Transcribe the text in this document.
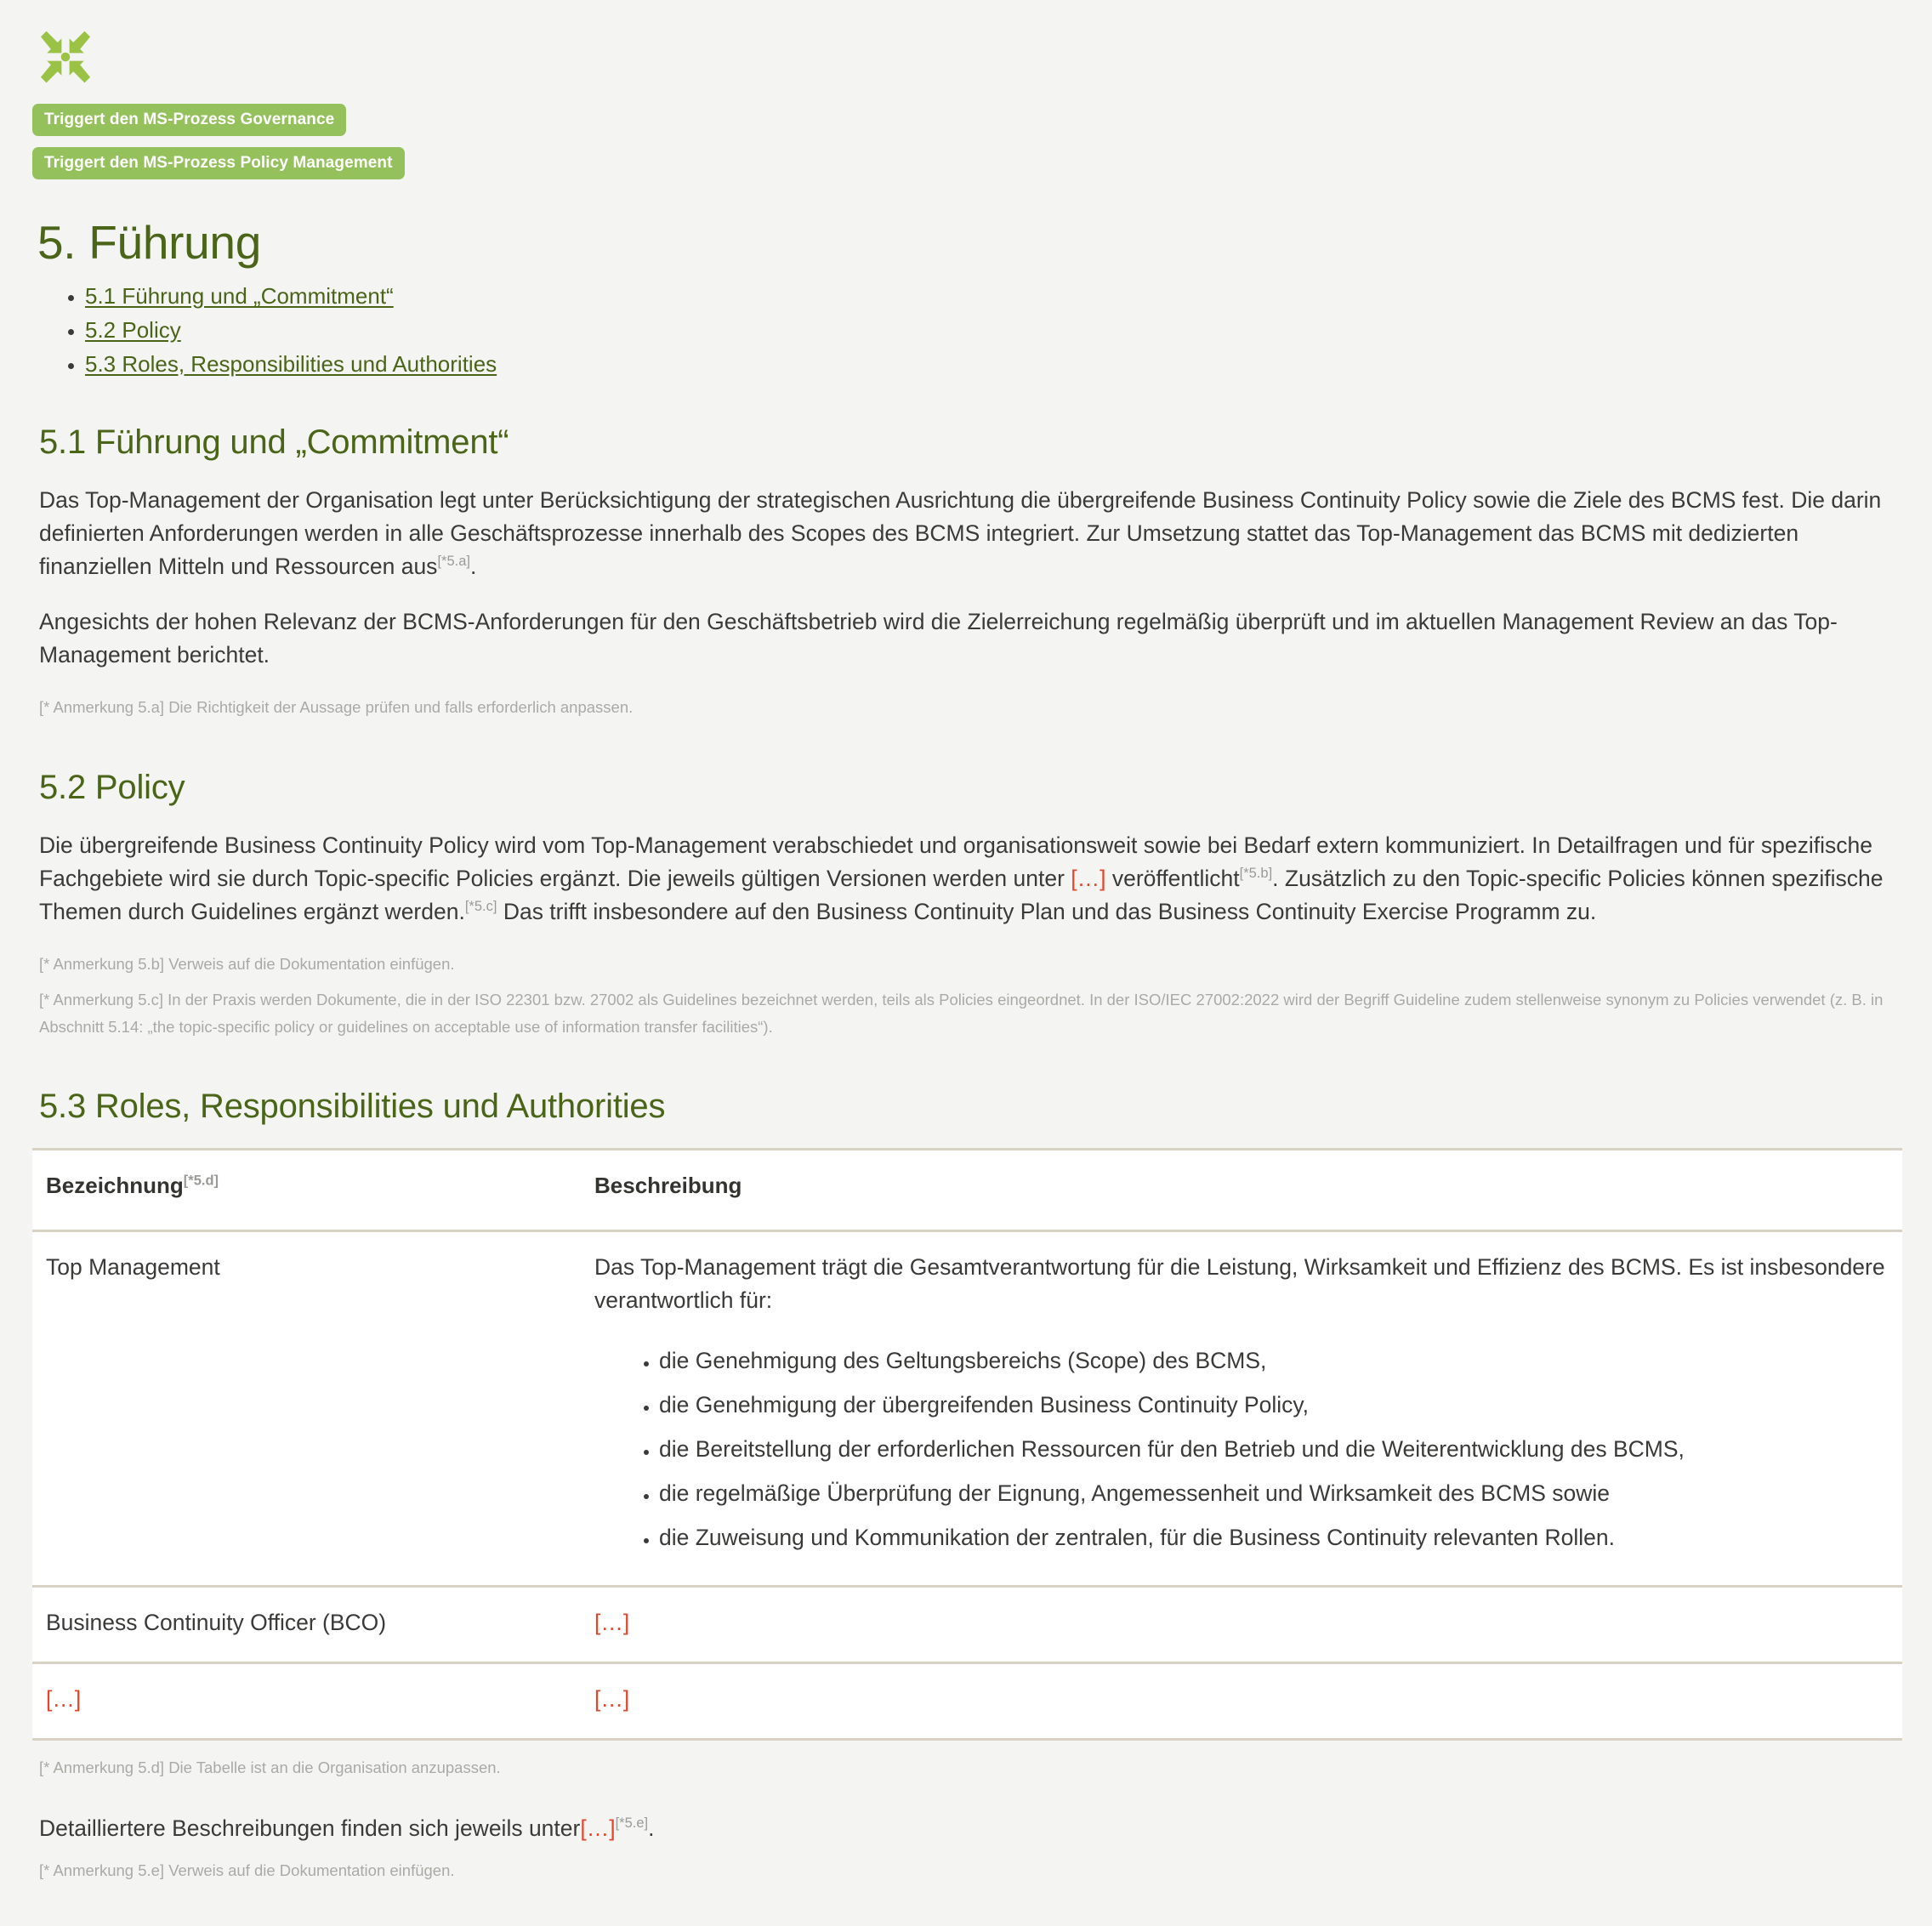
Triggert den MS-Prozess Governance
Triggert den MS-Prozess Policy Management
5. Führung
• 5.1 Führung und „Commitment“
• 5.2 Policy
• 5.3 Roles, Responsibilities und Authorities
5.1 Führung und „Commitment“

Das Top-Management der Organisation legt unter Berücksichtigung der strategischen Ausrichtung die übergreifende Business Continuity Policy sowie die Ziele des BCMS fest. Die darin definierten Anforderungen werden in alle Geschäftsprozesse innerhalb des Scopes des BCMS integriert. Zur Umsetzung stattet das Top-Management das BCMS mit dedizierten finanziellen Mitteln und Ressourcen aus[*5.a].

Angesichts der hohen Relevanz der BCMS-Anforderungen für den Geschäftsbetrieb wird die Zielerreichung regelmäßig überprüft und im aktuellen Management Review an das Top-Management berichtet.

[* Anmerkung 5.a] Die Richtigkeit der Aussage prüfen und falls erforderlich anpassen.

5.2 Policy

Die übergreifende Business Continuity Policy wird vom Top-Management verabschiedet und organisationsweit sowie bei Bedarf extern kommuniziert. In Detailfragen und für spezifische Fachgebiete wird sie durch Topic-specific Policies ergänzt. Die jeweils gültigen Versionen werden unter […] veröffentlicht[*5.b]. Zusätzlich zu den Topic-specific Policies können spezifische Themen durch Guidelines ergänzt werden.[*5.c] Das trifft insbesondere auf den Business Continuity Plan und das Business Continuity Exercise Programm zu.

[* Anmerkung 5.b] Verweis auf die Dokumentation einfügen.

[* Anmerkung 5.c] In der Praxis werden Dokumente, die in der ISO 22301 bzw. 27002 als Guidelines bezeichnet werden, teils als Policies eingeordnet. In der ISO/IEC 27002:2022 wird der Begriff Guideline zudem stellenweise synonym zu Policies verwendet (z. B. in Abschnitt 5.14: „the topic-specific policy or guidelines on acceptable use of information transfer facilities“).

5.3 Roles, Responsibilities und Authorities
Bezeichnung[*5.d]	Beschreibung
Top Management	Das Top-Management trägt die Gesamtverantwortung für die Leistung, Wirksamkeit und Effizienz des BCMS. Es ist insbesondere verantwortlich für:

• die Genehmigung des Geltungsbereichs (Scope) des BCMS,
• die Genehmigung der übergreifenden Business Continuity Policy,
• die Bereitstellung der erforderlichen Ressourcen für den Betrieb und die Weiterentwicklung des BCMS,
• die regelmäßige Überprüfung der Eignung, Angemessenheit und Wirksamkeit des BCMS sowie
• die Zuweisung und Kommunikation der zentralen, für die Business Continuity relevanten Rollen.

Business Continuity Officer (BCO)	[…]
[…]	[…]

[* Anmerkung 5.d] Die Tabelle ist an die Organisation anzupassen.

Detailliertere Beschreibungen finden sich jeweils unter[…][*5.e].

[* Anmerkung 5.e] Verweis auf die Dokumentation einfügen.
